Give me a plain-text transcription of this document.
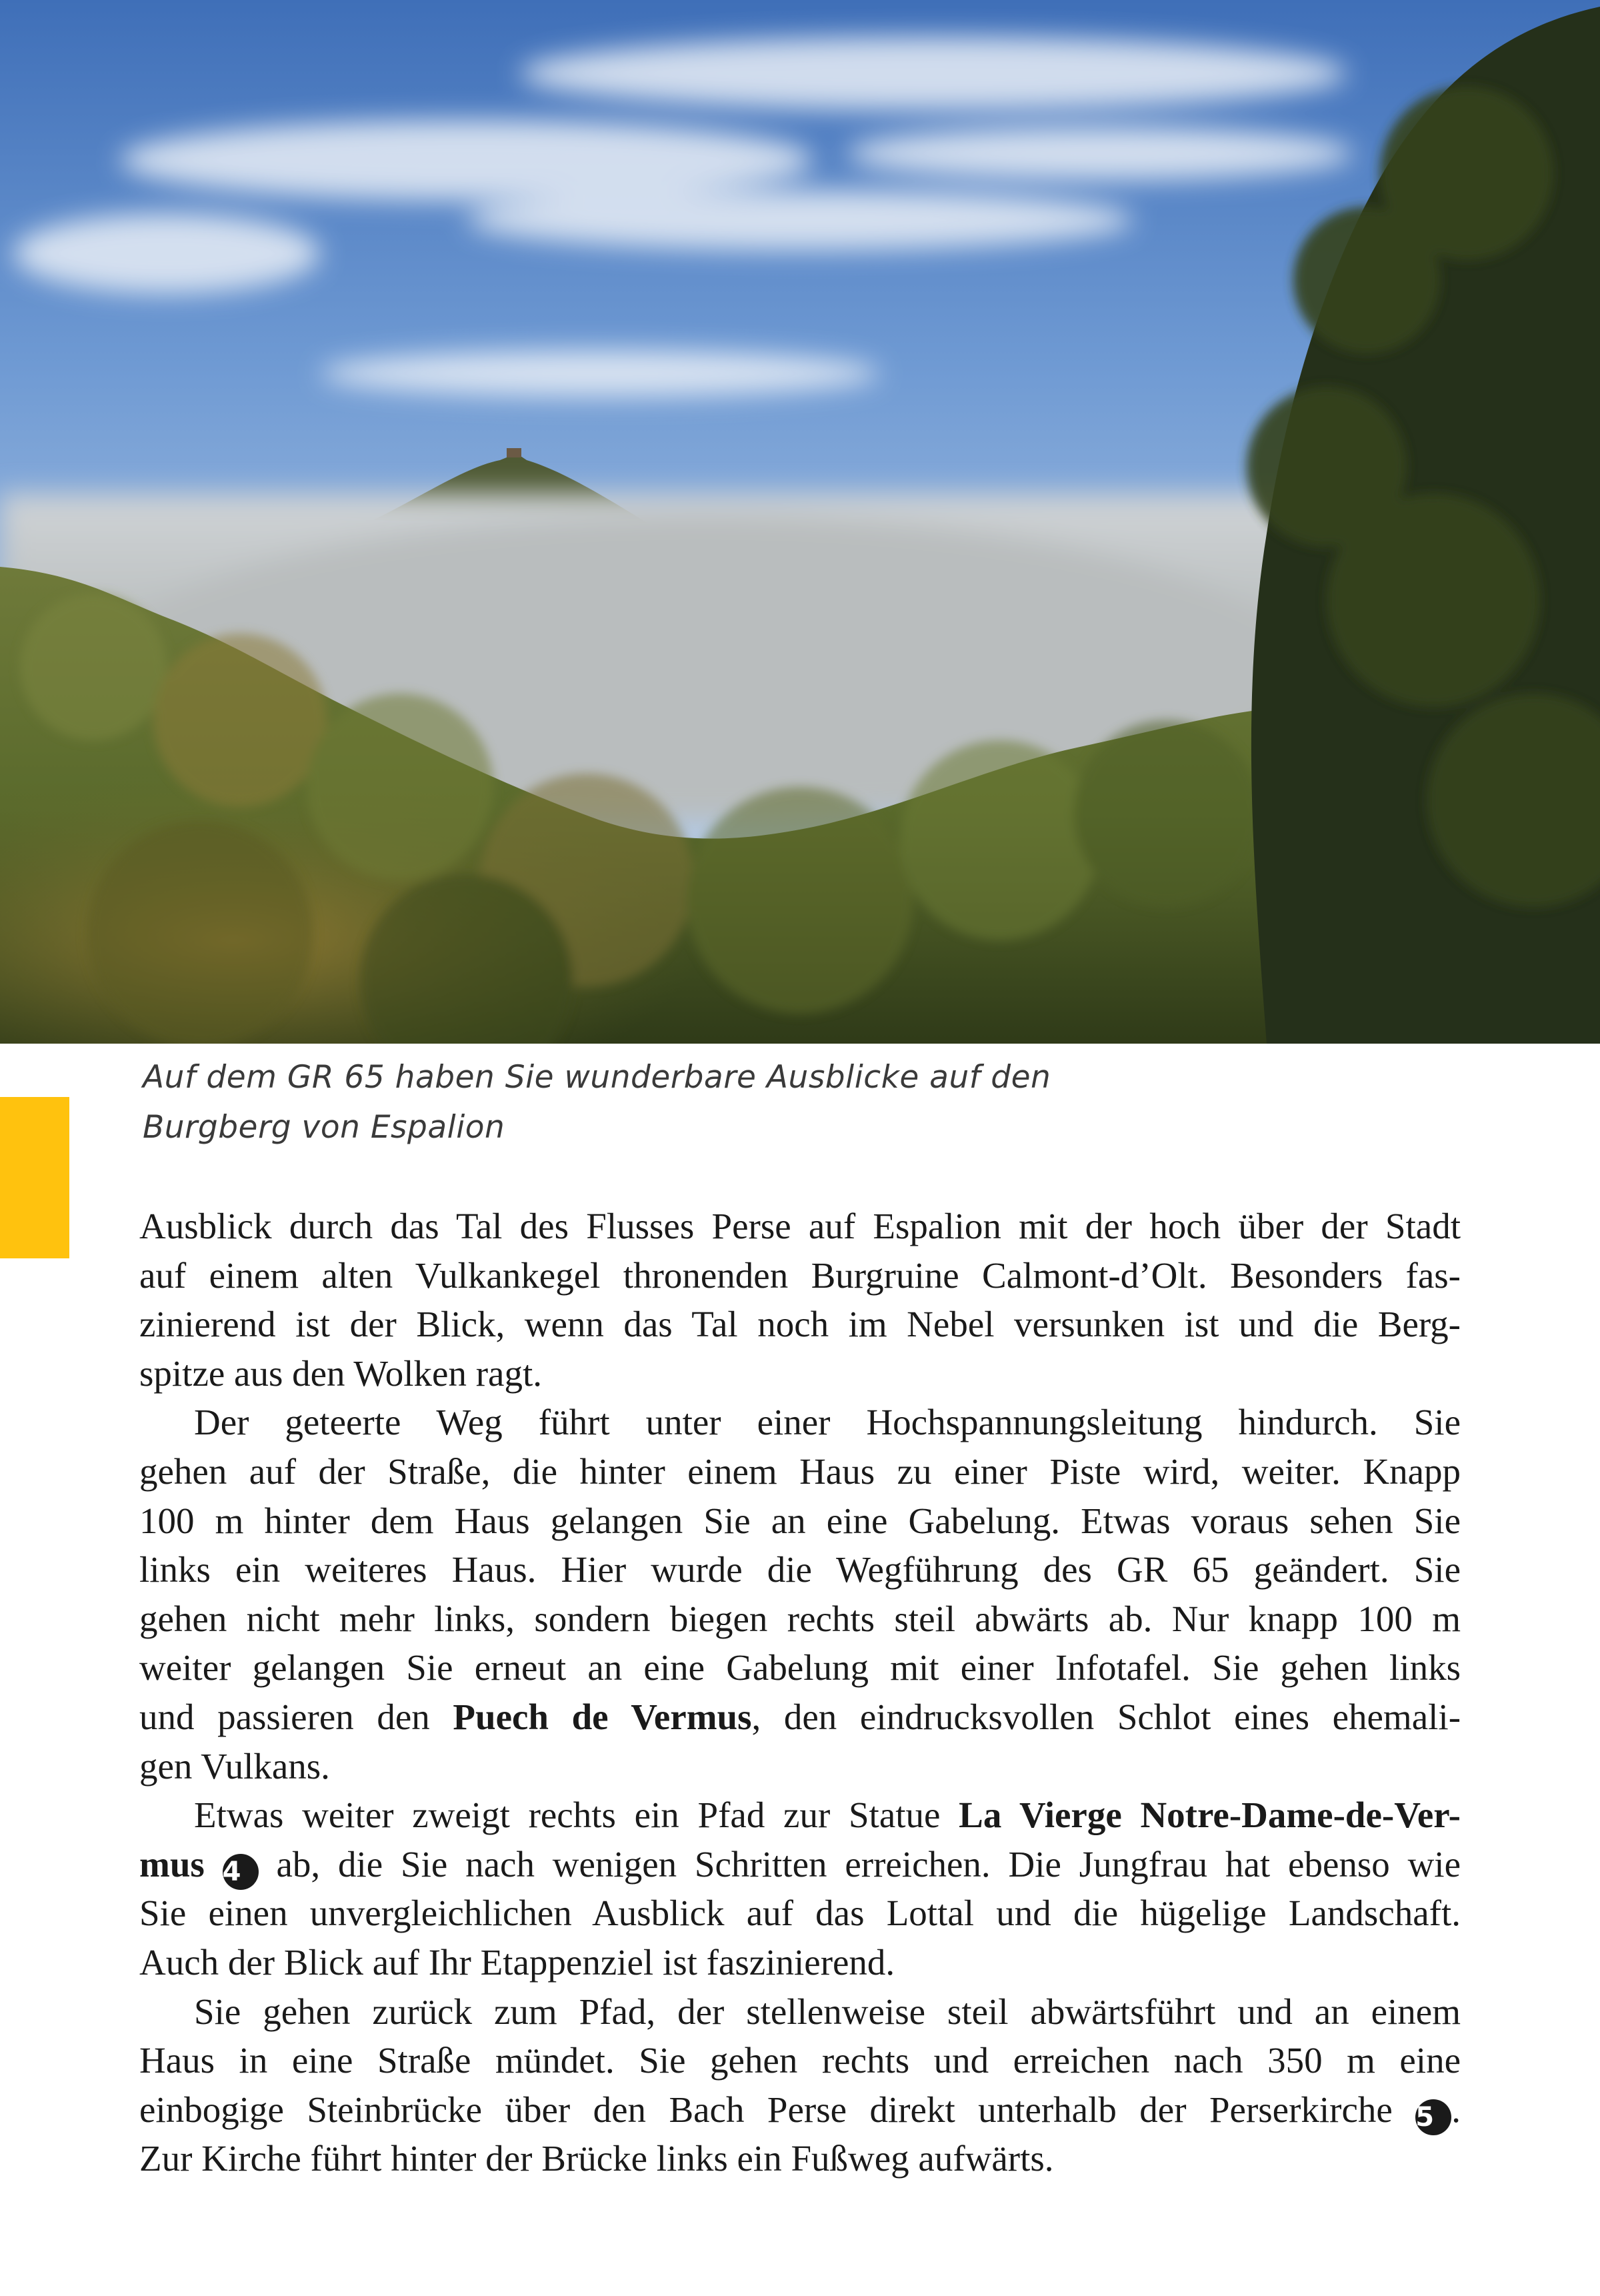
Auf dem GR 65 haben Sie wunderbare Ausblicke auf den
Burgberg von Espalion
Ausblick durch das Tal des Flusses Perse auf Espalion mit der hoch über der Stadt
auf einem alten Vulkankegel thronenden Burgruine Calmont-d’Olt. Besonders fas-
zinierend ist der Blick, wenn das Tal noch im Nebel versunken ist und die Berg-
spitze aus den Wolken ragt.
Der geteerte Weg führt unter einer Hochspannungsleitung hindurch. Sie
gehen auf der Straße, die hinter einem Haus zu einer Piste wird, weiter. Knapp
100 m hinter dem Haus gelangen Sie an eine Gabelung. Etwas voraus sehen Sie
links ein weiteres Haus. Hier wurde die Wegführung des GR 65 geändert. Sie
gehen nicht mehr links, sondern biegen rechts steil abwärts ab. Nur knapp 100 m
weiter gelangen Sie erneut an eine Gabelung mit einer Infotafel. Sie gehen links
und passieren den Puech de Vermus, den eindrucksvollen Schlot eines ehemali-
gen Vulkans.
Etwas weiter zweigt rechts ein Pfad zur Statue La Vierge Notre-Dame-de-Ver-
mus 4 ab, die Sie nach wenigen Schritten erreichen. Die Jungfrau hat ebenso wie
Sie einen unvergleichlichen Ausblick auf das Lottal und die hügelige Landschaft.
Auch der Blick auf Ihr Etappenziel ist faszinierend.
Sie gehen zurück zum Pfad, der stellenweise steil abwärtsführt und an einem
Haus in eine Straße mündet. Sie gehen rechts und erreichen nach 350 m eine
einbogige Steinbrücke über den Bach Perse direkt unterhalb der Perserkirche 5 .
Zur Kirche führt hinter der Brücke links ein Fußweg aufwärts.
